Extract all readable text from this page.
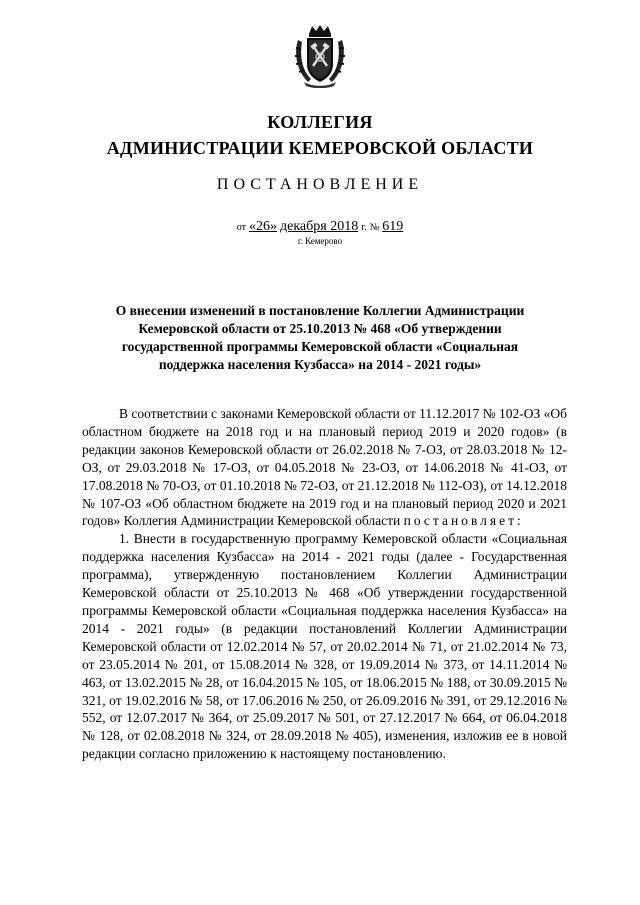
КОЛЛЕГИЯ
АДМИНИСТРАЦИИ КЕМЕРОВСКОЙ ОБЛАСТИ
ПОСТАНОВЛЕНИЕ
от «26» декабря 2018 г. № 619
г. Кемерово
О внесении изменений в постановление Коллегии Администрации Кемеровской области от 25.10.2013 № 468 «Об утверждении государственной программы Кемеровской области «Социальная поддержка населения Кузбасса» на 2014 - 2021 годы»

В соответствии с законами Кемеровской области от 11.12.2017 № 102-ОЗ «Об областном бюджете на 2018 год и на плановый период 2019 и 2020 годов» (в редакции законов Кемеровской области от 26.02.2018 № 7-ОЗ, от 28.03.2018 № 12-ОЗ, от 29.03.2018 № 17-ОЗ, от 04.05.2018 № 23-ОЗ, от 14.06.2018 № 41-ОЗ, от 17.08.2018 № 70-ОЗ, от 01.10.2018 № 72-ОЗ, от 21.12.2018 № 112-ОЗ), от 14.12.2018 № 107-ОЗ «Об областном бюджете на 2019 год и на плановый период 2020 и 2021 годов» Коллегия Администрации Кемеровской области постановляет:

1. Внести в государственную программу Кемеровской области «Социальная поддержка населения Кузбасса» на 2014 - 2021 годы (далее - Государственная программа), утвержденную постановлением Коллегии Администрации Кемеровской области от 25.10.2013 № 468 «Об утверждении государственной программы Кемеровской области «Социальная поддержка населения Кузбасса» на 2014 - 2021 годы» (в редакции постановлений Коллегии Администрации Кемеровской области от 12.02.2014 № 57, от 20.02.2014 № 71, от 21.02.2014 № 73, от 23.05.2014 № 201, от 15.08.2014 № 328, от 19.09.2014 № 373, от 14.11.2014 № 463, от 13.02.2015 № 28, от 16.04.2015 № 105, от 18.06.2015 № 188, от 30.09.2015 № 321, от 19.02.2016 № 58, от 17.06.2016 № 250, от 26.09.2016 № 391, от 29.12.2016 № 552, от 12.07.2017 № 364, от 25.09.2017 № 501, от 27.12.2017 № 664, от 06.04.2018 № 128, от 02.08.2018 № 324, от 28.09.2018 № 405), изменения, изложив ее в новой редакции согласно приложению к настоящему постановлению.
